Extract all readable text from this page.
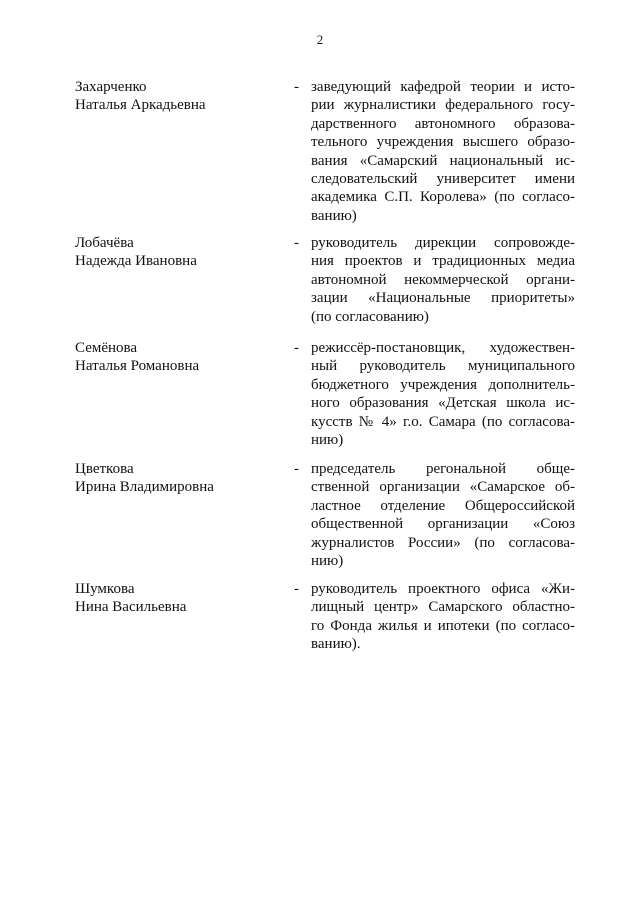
2
Захарченко
Наталья Аркадьевна
- заведующий кафедрой теории и исто-
рии журналистики федерального госу-
дарственного автономного образова-
тельного учреждения высшего образо-
вания «Самарский национальный ис-
следовательский университет имени
академика С.П. Королева» (по согласо-
ванию)
Лобачёва
Надежда Ивановна
- руководитель дирекции сопровожде-
ния проектов и традиционных медиа
автономной некоммерческой органи-
зации «Национальные приоритеты»
(по согласованию)
Семёнова
Наталья Романовна
- режиссёр-постановщик, художествен-
ный руководитель муниципального
бюджетного учреждения дополнитель-
ного образования «Детская школа ис-
кусств № 4» г.о. Самара (по согласова-
нию)
Цветкова
Ирина Владимировна
- председатель регональной обще-
ственной организации «Самарское об-
ластное отделение Общероссийской
общественной организации «Союз
журналистов России» (по согласова-
нию)
Шумкова
Нина Васильевна
- руководитель проектного офиса «Жи-
лищный центр» Самарского областно-
го Фонда жилья и ипотеки (по согласо-
ванию).
